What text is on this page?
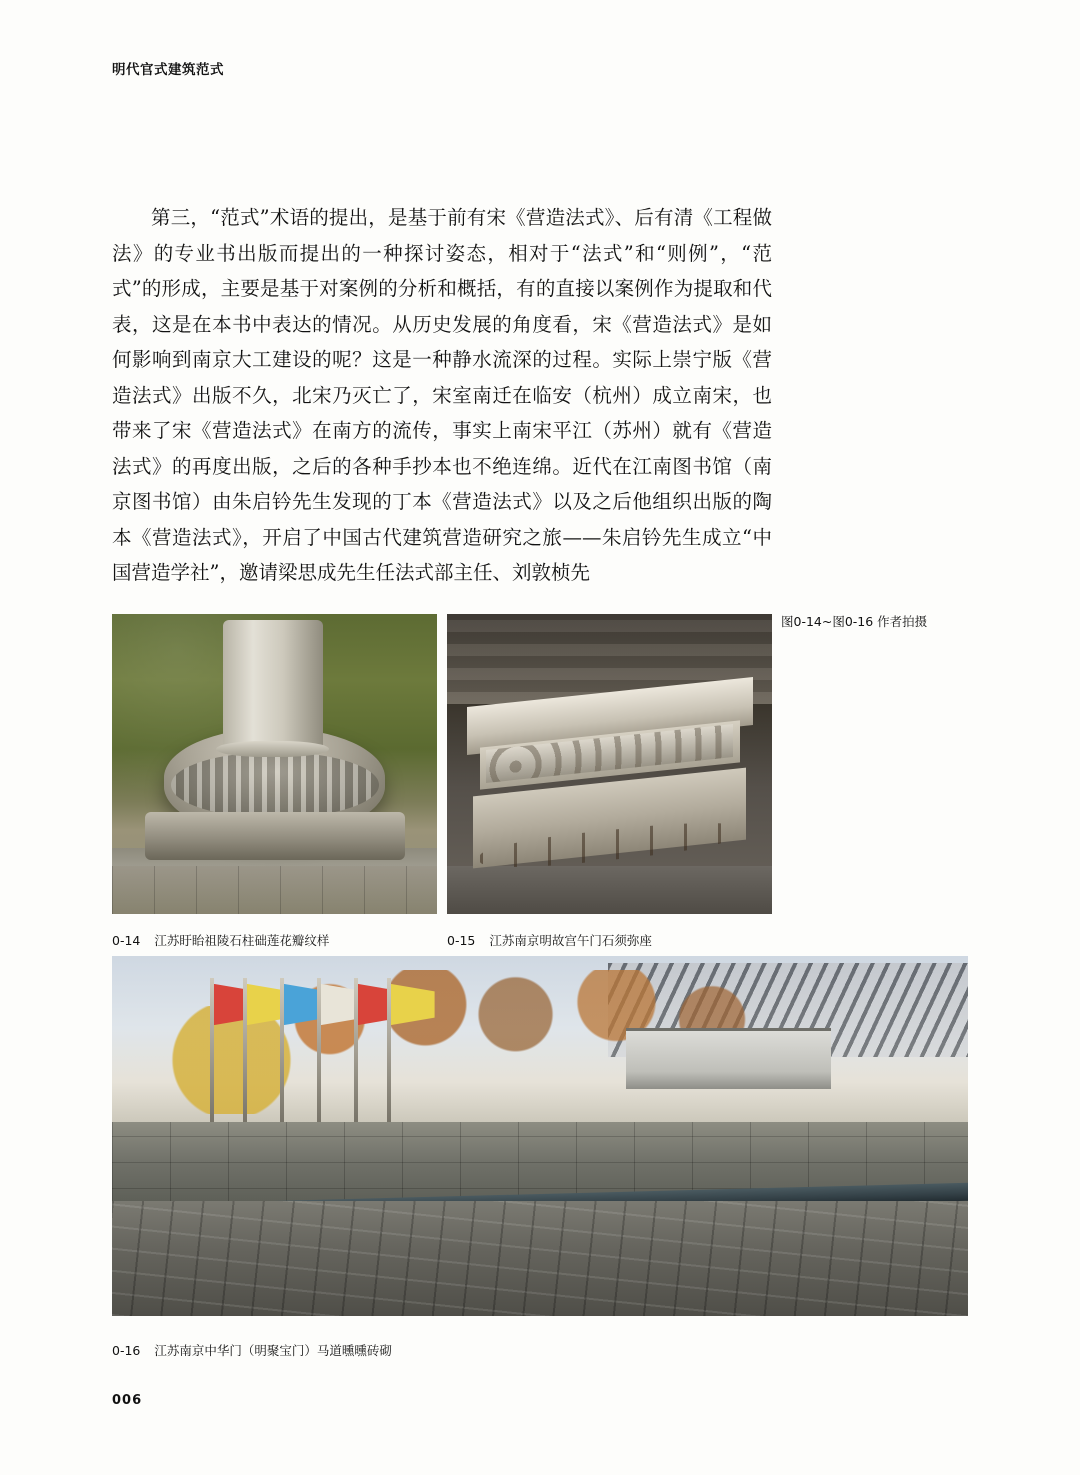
明代官式建筑范式

第三，“范式”术语的提出，是基于前有宋《营造法式》、后有清《工程做法》的专业书出版而提出的一种探讨姿态，相对于“法式”和“则例”，“范式”的形成，主要是基于对案例的分析和概括，有的直接以案例作为提取和代表，这是在本书中表达的情况。从历史发展的角度看，宋《营造法式》是如何影响到南京大工建设的呢？这是一种静水流深的过程。实际上崇宁版《营造法式》出版不久，北宋乃灭亡了，宋室南迁在临安（杭州）成立南宋，也带来了宋《营造法式》在南方的流传，事实上南宋平江（苏州）就有《营造法式》的再度出版，之后的各种手抄本也不绝连绵。近代在江南图书馆（南京图书馆）由朱启钤先生发现的丁本《营造法式》以及之后他组织出版的陶本《营造法式》，开启了中国古代建筑营造研究之旅——朱启钤先生成立“中国营造学社”，邀请梁思成先生任法式部主任、刘敦桢先

图0-14~图0-16 作者拍摄
0-14 江苏盱眙祖陵石柱础莲花瓣纹样	0-15 江苏南京明故宫午门石须弥座
0-16 江苏南京中华门（明聚宝门）马道曛曛砖砌
006
